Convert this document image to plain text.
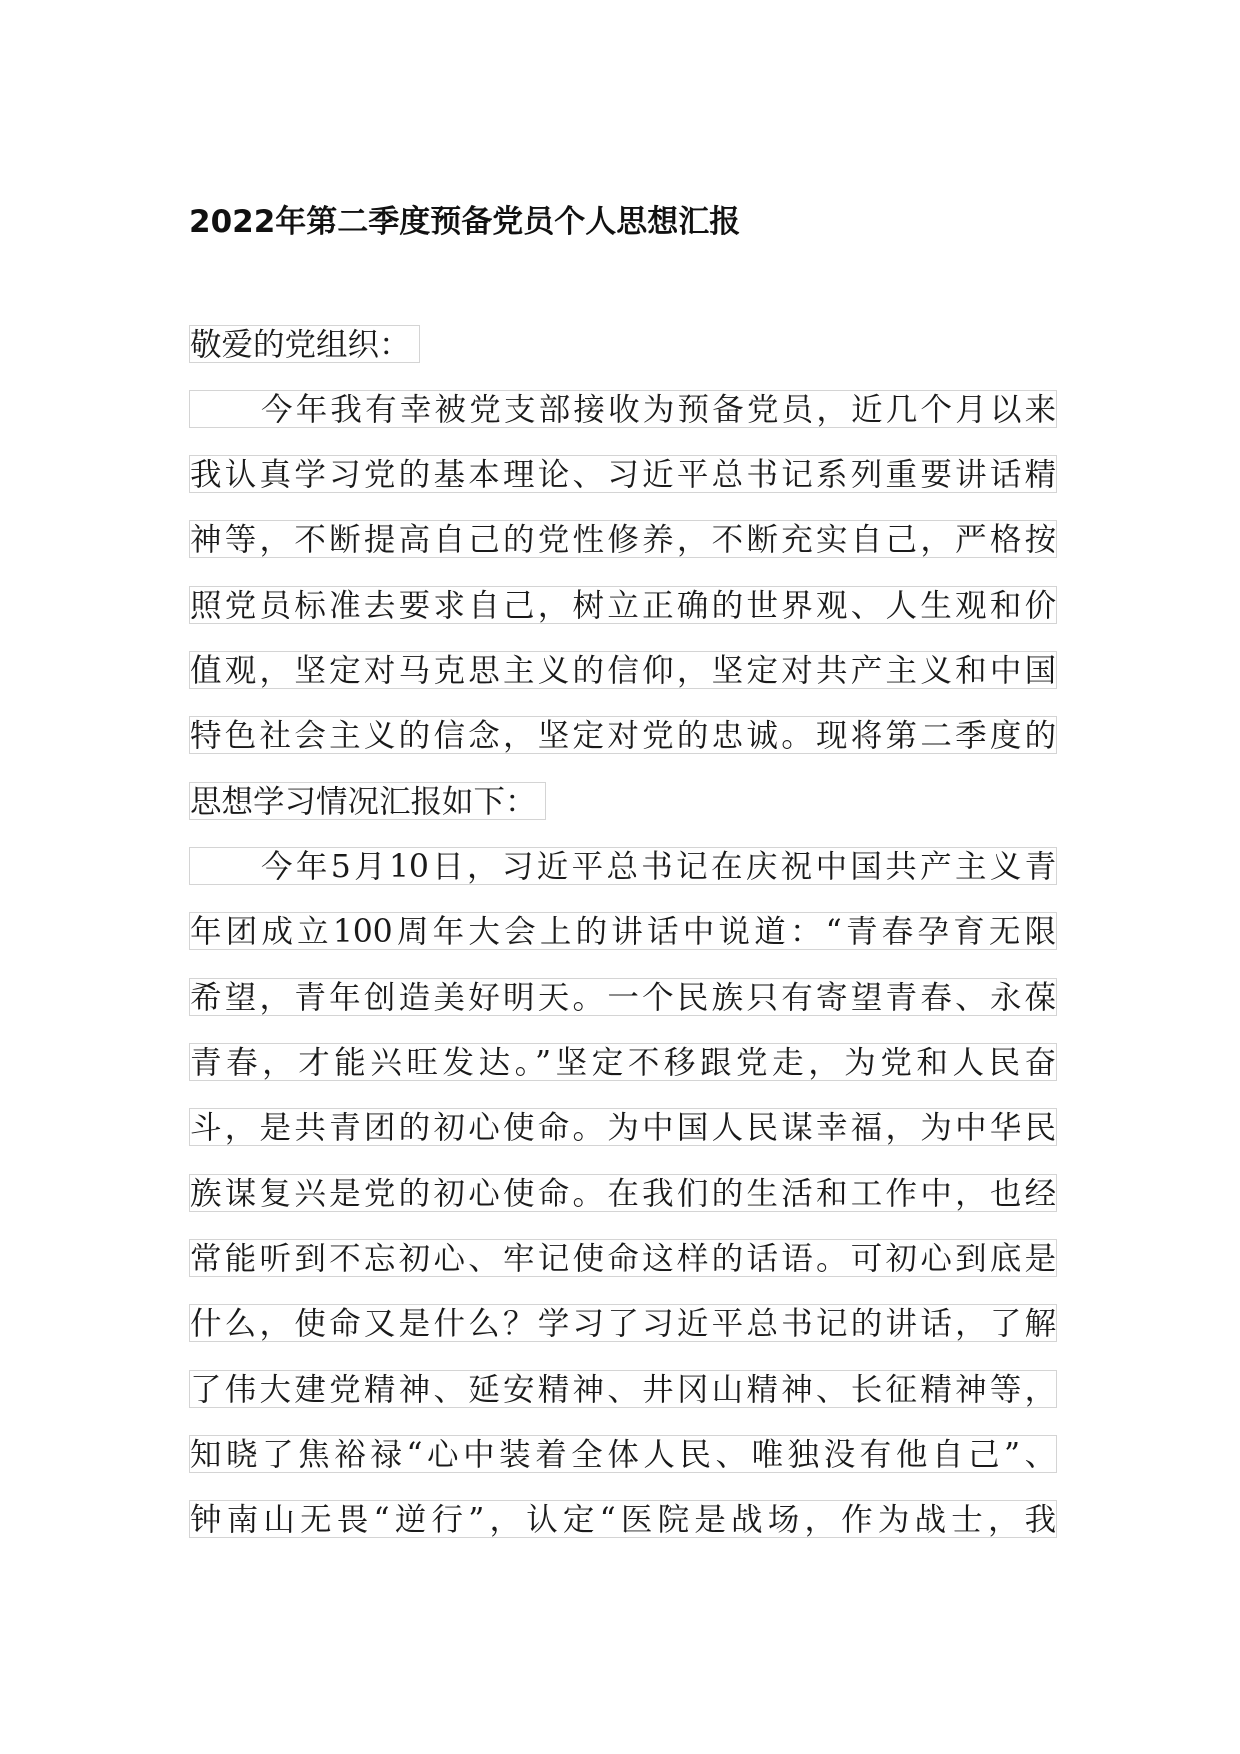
2022年第二季度预备党员个人思想汇报
敬爱的党组织：
今年我有幸被党支部接收为预备党员，近几个月以来
我认真学习党的基本理论、习近平总书记系列重要讲话精
神等，不断提高自己的党性修养，不断充实自己，严格按
照党员标准去要求自己，树立正确的世界观、人生观和价
值观，坚定对马克思主义的信仰，坚定对共产主义和中国
特色社会主义的信念，坚定对党的忠诚。现将第二季度的
思想学习情况汇报如下：
今年5月10日，习近平总书记在庆祝中国共产主义青
年团成立100周年大会上的讲话中说道：“青春孕育无限
希望，青年创造美好明天。一个民族只有寄望青春、永葆
青春，才能兴旺发达。”坚定不移跟党走，为党和人民奋
斗，是共青团的初心使命。为中国人民谋幸福，为中华民
族谋复兴是党的初心使命。在我们的生活和工作中，也经
常能听到不忘初心、牢记使命这样的话语。可初心到底是
什么，使命又是什么？学习了习近平总书记的讲话，了解
了伟大建党精神、延安精神、井冈山精神、长征精神等，
知晓了焦裕禄“心中装着全体人民、唯独没有他自己”、
钟南山无畏“逆行”，认定“医院是战场，作为战士，我
